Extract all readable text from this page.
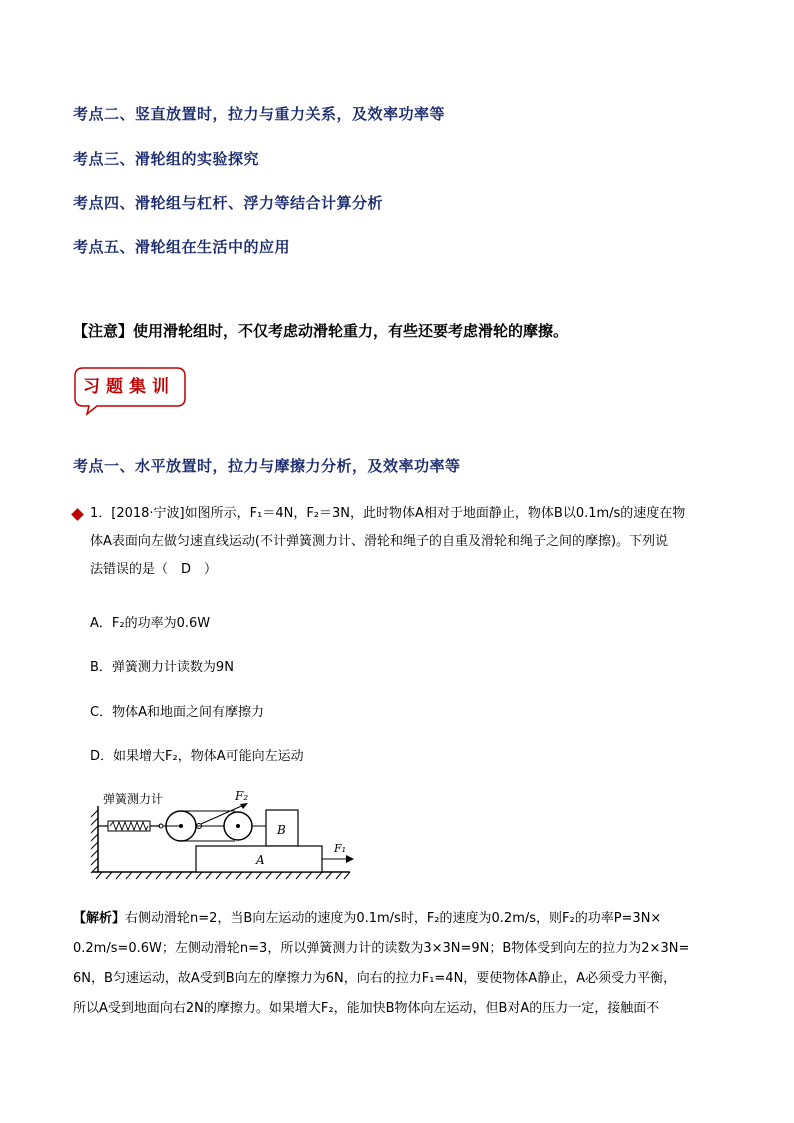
考点二、竖直放置时，拉力与重力关系，及效率功率等
考点三、滑轮组的实验探究
考点四、滑轮组与杠杆、浮力等结合计算分析
考点五、滑轮组在生活中的应用
【注意】使用滑轮组时，不仅考虑动滑轮重力，有些还要考虑滑轮的摩擦。
习题集训
考点一、水平放置时，拉力与摩擦力分析，及效率功率等
1．[2018·宁波]如图所示，F₁＝4N，F₂＝3N，此时物体A相对于地面静止，物体B以0.1m/s的速度在物
体A表面向左做匀速直线运动(不计弹簧测力计、滑轮和绳子的自重及滑轮和绳子之间的摩擦)。下列说
法错误的是（　D　）
A．F₂的功率为0.6W
B．弹簧测力计读数为9N
C．物体A和地面之间有摩擦力
D．如果增大F₂，物体A可能向左运动
弹簧测力计	F₂
B
A
F₁
【解析】右侧动滑轮n=2，当B向左运动的速度为0.1m/s时，F₂的速度为0.2m/s，则F₂的功率P=3N×
0.2m/s=0.6W；左侧动滑轮n=3，所以弹簧测力计的读数为3×3N=9N；B物体受到向左的拉力为2×3N=
6N，B匀速运动，故A受到B向左的摩擦力为6N，向右的拉力F₁=4N，要使物体A静止，A必须受力平衡，
所以A受到地面向右2N的摩擦力。如果增大F₂，能加快B物体向左运动，但B对A的压力一定，接触面不
